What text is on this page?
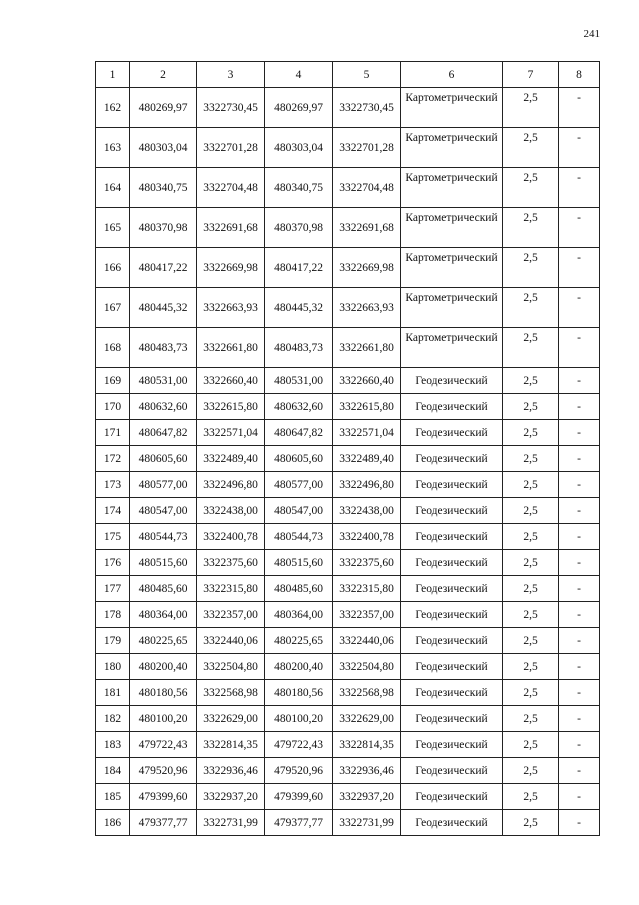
241
1	2	3	4	5	6	7	8
162	480269,97	3322730,45	480269,97	3322730,45	Картометрический	2,5	-
163	480303,04	3322701,28	480303,04	3322701,28	Картометрический	2,5	-
164	480340,75	3322704,48	480340,75	3322704,48	Картометрический	2,5	-
165	480370,98	3322691,68	480370,98	3322691,68	Картометрический	2,5	-
166	480417,22	3322669,98	480417,22	3322669,98	Картометрический	2,5	-
167	480445,32	3322663,93	480445,32	3322663,93	Картометрический	2,5	-
168	480483,73	3322661,80	480483,73	3322661,80	Картометрический	2,5	-
169	480531,00	3322660,40	480531,00	3322660,40	Геодезический	2,5	-
170	480632,60	3322615,80	480632,60	3322615,80	Геодезический	2,5	-
171	480647,82	3322571,04	480647,82	3322571,04	Геодезический	2,5	-
172	480605,60	3322489,40	480605,60	3322489,40	Геодезический	2,5	-
173	480577,00	3322496,80	480577,00	3322496,80	Геодезический	2,5	-
174	480547,00	3322438,00	480547,00	3322438,00	Геодезический	2,5	-
175	480544,73	3322400,78	480544,73	3322400,78	Геодезический	2,5	-
176	480515,60	3322375,60	480515,60	3322375,60	Геодезический	2,5	-
177	480485,60	3322315,80	480485,60	3322315,80	Геодезический	2,5	-
178	480364,00	3322357,00	480364,00	3322357,00	Геодезический	2,5	-
179	480225,65	3322440,06	480225,65	3322440,06	Геодезический	2,5	-
180	480200,40	3322504,80	480200,40	3322504,80	Геодезический	2,5	-
181	480180,56	3322568,98	480180,56	3322568,98	Геодезический	2,5	-
182	480100,20	3322629,00	480100,20	3322629,00	Геодезический	2,5	-
183	479722,43	3322814,35	479722,43	3322814,35	Геодезический	2,5	-
184	479520,96	3322936,46	479520,96	3322936,46	Геодезический	2,5	-
185	479399,60	3322937,20	479399,60	3322937,20	Геодезический	2,5	-
186	479377,77	3322731,99	479377,77	3322731,99	Геодезический	2,5	-
